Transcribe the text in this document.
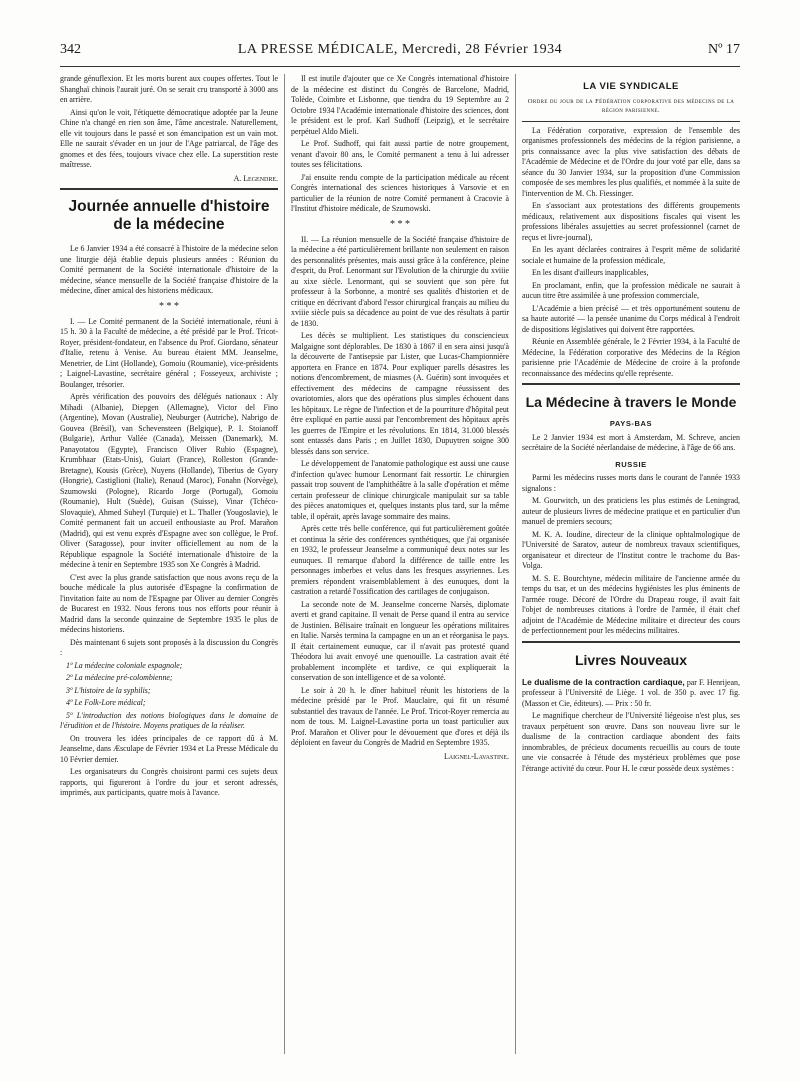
342	LA PRESSE MÉDICALE, Mercredi, 28 Février 1934	Nº 17

grande génuflexion. Et les morts burent aux coupes offertes. Tout le Shanghaï chinois l'aurait juré. On se serait cru transporté à 3000 ans en arrière.

Ainsi qu'on le voit, l'étiquette démocratique adoptée par la Jeune Chine n'a changé en rien son âme, l'âme ancestrale. Naturellement, elle vit toujours dans le passé et son émancipation est un vain mot. Elle ne saurait s'évader en un jour de l'Age patriarcal, de l'âge des gnomes et des fées, toujours vivace chez elle. La superstition reste maîtresse.

A. Legendre.
Journée annuelle d'histoire de la médecine

Le 6 Janvier 1934 a été consacré à l'histoire de la médecine selon une liturgie déjà établie depuis plusieurs années : Réunion du Comité permanent de la Société internationale d'histoire de la médecine, séance mensuelle de la Société française d'histoire de la médecine, dîner amical des historiens médicaux.

* * *

I. — Le Comité permanent de la Société internationale, réuni à 15 h. 30 à la Faculté de médecine, a été présidé par le Prof. Tricot-Royer, président-fondateur, en l'absence du Prof. Giordano, sénateur d'Italie, retenu à Venise. Au bureau étaient MM. Jeanselme, Menetrier, de Lint (Hollande), Gomoiu (Roumanie), vice-présidents ; Laignel-Lavastine, secrétaire général ; Fosseyeux, archiviste ; Boulanger, trésorier.

Après vérification des pouvoirs des délégués nationaux : Aly Mihadi (Albanie), Diepgen (Allemagne), Victor del Fino (Argentine), Movan (Australie), Neuburger (Autriche), Nabrigo de Gouvea (Brésil), van Schevensteen (Belgique), P. I. Stoianoff (Bulgarie), Arthur Vallée (Canada), Meissen (Danemark), M. Panayotatou (Egypte), Francisco Oliver Rubio (Espagne), Krumbhaar (Etats-Unis), Guiart (France), Rolleston (Grande-Bretagne), Kousis (Grèce), Nuyens (Hollande), Tiberius de Gyory (Hongrie), Castiglioni (Italie), Renaud (Maroc), Fonahn (Norvège), Szumowski (Pologne), Ricardo Jorge (Portugal), Gomoiu (Roumanie), Hult (Suède), Guisan (Suisse), Vinar (Tchéco-Slovaquie), Ahmed Suheyl (Turquie) et L. Thaller (Yougoslavie), le Comité permanent fait un accueil enthousiaste au Prof. Marañon (Madrid), qui est venu exprès d'Espagne avec son collègue, le Prof. Oliver (Saragosse), pour inviter officiellement au nom de la République espagnole la Société internationale d'histoire de la médecine à tenir en Septembre 1935 son Xe Congrès à Madrid.

C'est avec la plus grande satisfaction que nous avons reçu de la bouche médicale la plus autorisée d'Espagne la confirmation de l'invitation faite au nom de l'Espagne par Oliver au dernier Congrès de Bucarest en 1932. Nous ferons tous nos efforts pour réunir à Madrid dans la seconde quinzaine de Septembre 1935 le plus de médecins historiens.

Dès maintenant 6 sujets sont proposés à la discussion du Congrès :

1º La médecine coloniale espagnole;

2º La médecine pré-colombienne;

3º L'histoire de la syphilis;

4º Le Folk-Lore médical;

5º L'introduction des notions biologiques dans le domaine de l'érudition et de l'histoire. Moyens pratiques de la réaliser.

On trouvera les idées principales de ce rapport dû à M. Jeanselme, dans Æsculape de Février 1934 et La Presse Médicale du 10 Février dernier.

Les organisateurs du Congrès choisiront parmi ces sujets deux rapports, qui figureront à l'ordre du jour et seront adressés, imprimés, aux participants, quatre mois à l'avance.

Il est inutile d'ajouter que ce Xe Congrès international d'histoire de la médecine est distinct du Congrès de Barcelone, Madrid, Tolède, Coimbre et Lisbonne, que tiendra du 19 Septembre au 2 Octobre 1934 l'Académie internationale d'histoire des sciences, dont le président est le prof. Karl Sudhoff (Leipzig), et le secrétaire perpétuel Aldo Mieli.

Le Prof. Sudhoff, qui fait aussi partie de notre groupement, venant d'avoir 80 ans, le Comité permanent a tenu à lui adresser toutes ses félicitations.

J'ai ensuite rendu compte de la participation médicale au récent Congrès international des sciences historiques à Varsovie et en particulier de la réunion de notre Comité permanent à Cracovie à l'Institut d'histoire médicale, de Szumowski.

* * *

II. — La réunion mensuelle de la Société française d'histoire de la médecine a été particulièrement brillante non seulement en raison des personnalités présentes, mais aussi grâce à la conférence, pleine d'esprit, du Prof. Lenormant sur l'Evolution de la chirurgie du xviiie au xixe siècle. Lenormant, qui se souvient que son père fut professeur à la Sorbonne, a montré ses qualités d'historien et de critique en décrivant d'abord l'essor chirurgical français au milieu du xviiie siècle puis sa décadence au point de vue des résultats à partir de 1830.

Les décès se multiplient. Les statistiques du consciencieux Malgaigne sont déplorables. De 1830 à 1867 il en sera ainsi jusqu'à la découverte de l'antisepsie par Lister, que Lucas-Championnière apportera en France en 1874. Pour expliquer parells désastres les notions d'encombrement, de miasmes (A. Guérin) sont invoquées et effectivement des médecins de campagne réussissent des ovariotomies, alors que des opérations plus simples échouent dans les hôpitaux. Le règne de l'infection et de la pourriture d'hôpital peut être expliqué en partie aussi par l'encombrement des hôpitaux après les guerres de l'Empire et les révolutions. En 1814, 31.000 blessés sont entassés dans Paris ; en Juillet 1830, Dupuytren soigne 300 blessés dans son service.

Le développement de l'anatomie pathologique est aussi une cause d'infection qu'avec humour Lenormant fait ressortir. Le chirurgien passait trop souvent de l'amphithéâtre à la salle d'opération et même certain professeur de clinique chirurgicale manipulait sur sa table des pièces anatomiques et, quelques instants plus tard, sur la même table, il opérait, après lavage sommaire des mains.

Après cette très belle conférence, qui fut particulièrement goûtée et continua la série des conférences synthétiques, que j'ai organisée en 1932, le professeur Jeanselme a communiqué deux notes sur les eunuques. Il remarque d'abord la différence de taille entre les personnages imberbes et velus dans les fresques assyriennes. Les premiers répondent vraisemblablement à des eunuques, dont la castration a retardé l'ossification des cartilages de conjugaison.

La seconde note de M. Jeanselme concerne Narsès, diplomate averti et grand capitaine. Il venait de Perse quand il entra au service de Justinien. Bélisaire traînait en longueur les opérations militaires en Italie. Narsès termina la campagne en un an et réorganisa le pays. Il était certainement eunuque, car il n'avait pas protesté quand Théodora lui avait envoyé une quenouille. La castration avait été probablement incomplète et tardive, ce qui expliquerait la conservation de son intelligence et de sa volonté.

Le soir à 20 h. le dîner habituel réunit les historiens de la médecine présidé par le Prof. Mauclaire, qui fit un résumé substantiel des travaux de l'année. Le Prof. Tricot-Royer remercia au nom de tous. M. Laignel-Lavastine porta un toast particulier aux Prof. Marañon et Oliver pour le dévouement que d'ores et déjà ils déploient en faveur du Congrès de Madrid en Septembre 1935.

Laignel-Lavastine.
LA VIE SYNDICALE
Ordre du jour de la Fédération corporative des médecins de la région parisienne.

La Fédération corporative, expression de l'ensemble des organismes professionnels des médecins de la région parisienne, a pris connaissance avec la plus vive satisfaction des débats de l'Académie de Médecine et de l'Ordre du jour voté par elle, dans sa séance du 30 Janvier 1934, sur la proposition d'une Commission composée de ses membres les plus qualifiés, et nommée à la suite de l'intervention de M. Ch. Fiessinger.

En s'associant aux protestations des différents groupements médicaux, relativement aux dispositions fiscales qui visent les professions libérales assujetties au secret professionnel (carnet de reçus et livre-journal),

En les ayant déclarées contraires à l'esprit même de solidarité sociale et humaine de la profession médicale,

En les disant d'ailleurs inapplicables,

En proclamant, enfin, que la profession médicale ne saurait à aucun titre être assimilée à une profession commerciale,

L'Académie a bien précisé — et très opportunément soutenu de sa haute autorité — la pensée unanime du Corps médical à l'endroit de dispositions législatives qui doivent être rapportées.

Réunie en Assemblée générale, le 2 Février 1934, à la Faculté de Médecine, la Fédération corporative des Médecins de la Région parisienne prie l'Académie de Médecine de croire à la profonde reconnaissance des médecins qu'elle représente.

La Médecine à travers le Monde
PAYS-BAS

Le 2 Janvier 1934 est mort à Amsterdam, M. Schreve, ancien secrétaire de la Société néerlandaise de médecine, à l'âge de 66 ans.

RUSSIE

Parmi les médecins russes morts dans le courant de l'année 1933 signalons :

M. Gourwitch, un des praticiens les plus estimés de Leningrad, auteur de plusieurs livres de médecine pratique et en particulier d'un manuel de premiers secours;

M. K. A. Ioudine, directeur de la clinique ophtalmologique de l'Université de Saratov, auteur de nombreux travaux scientifiques, organisateur et directeur de l'Institut contre le trachome du Bas-Volga.

M. S. E. Bourchtyne, médecin militaire de l'ancienne armée du temps du tsar, et un des médecins hygiénistes les plus éminents de l'armée rouge. Décoré de l'Ordre du Drapeau rouge, il avait fait l'objet de nombreuses citations à l'ordre de l'armée, il était chef adjoint de l'Académie de Médecine militaire et directeur des cours de perfectionnement pour les médecins militaires.

Livres Nouveaux

Le dualisme de la contraction cardiaque, par F. Henrijean, professeur à l'Université de Liège. 1 vol. de 350 p. avec 17 fig. (Masson et Cie, éditeurs). — Prix : 50 fr.

Le magnifique chercheur de l'Université liégeoise n'est plus, ses travaux perpétuent son œuvre. Dans son nouveau livre sur le dualisme de la contraction cardiaque abondent des faits innombrables, de précieux documents recueillis au cours de toute une vie consacrée à l'étude des mystérieux problèmes que pose l'étrange activité du cœur. Pour H. le cœur possède deux systèmes :
